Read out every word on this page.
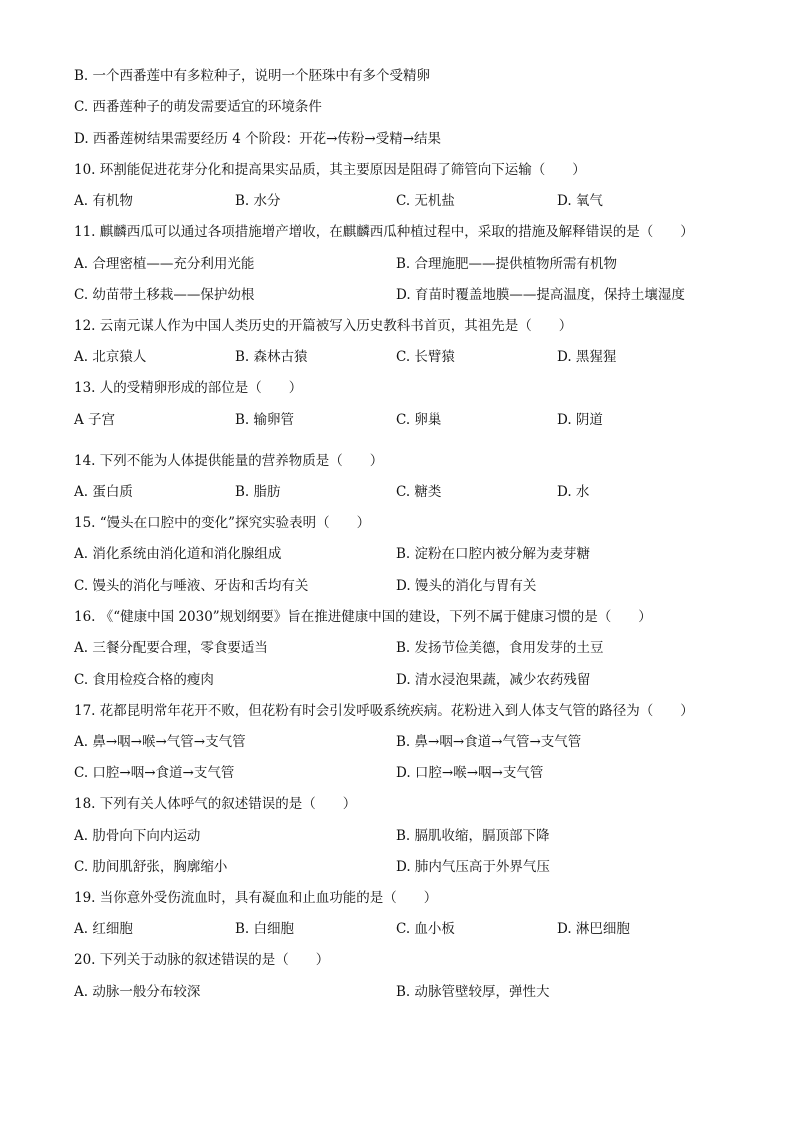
B. 一个西番莲中有多粒种子，说明一个胚珠中有多个受精卵
C. 西番莲种子的萌发需要适宜的环境条件
D. 西番莲树结果需要经历 4 个阶段：开花→传粉→受精→结果
10. 环割能促进花芽分化和提高果实品质，其主要原因是阻碍了筛管向下运输（　　）
A. 有机物	B. 水分	C. 无机盐	D. 氧气
11. 麒麟西瓜可以通过各项措施增产增收，在麒麟西瓜种植过程中，采取的措施及解释错误的是（　　）
A. 合理密植——充分利用光能	B. 合理施肥——提供植物所需有机物
C. 幼苗带土移栽——保护幼根	D. 育苗时覆盖地膜——提高温度，保持土壤湿度
12. 云南元谋人作为中国人类历史的开篇被写入历史教科书首页，其祖先是（　　）
A. 北京猿人	B. 森林古猿	C. 长臂猿	D. 黑猩猩
13. 人的受精卵形成的部位是（　　）
A 子宫	B. 输卵管	C. 卵巢	D. 阴道
14. 下列不能为人体提供能量的营养物质是（　　）
A. 蛋白质	B. 脂肪	C. 糖类	D. 水
15. “馒头在口腔中的变化”探究实验表明（　　）
A. 消化系统由消化道和消化腺组成	B. 淀粉在口腔内被分解为麦芽糖
C. 馒头的消化与唾液、牙齿和舌均有关	D. 馒头的消化与胃有关
16. 《“健康中国 2030”规划纲要》旨在推进健康中国的建设，下列不属于健康习惯的是（　　）
A. 三餐分配要合理，零食要适当	B. 发扬节俭美德，食用发芽的土豆
C. 食用检疫合格的瘦肉	D. 清水浸泡果蔬，减少农药残留
17. 花都昆明常年花开不败，但花粉有时会引发呼吸系统疾病。花粉进入到人体支气管的路径为（　　）
A. 鼻→咽→喉→气管→支气管	B. 鼻→咽→食道→气管→支气管
C. 口腔→咽→食道→支气管	D. 口腔→喉→咽→支气管
18. 下列有关人体呼气的叙述错误的是（　　）
A. 肋骨向下向内运动	B. 膈肌收缩，膈顶部下降
C. 肋间肌舒张，胸廓缩小	D. 肺内气压高于外界气压
19. 当你意外受伤流血时，具有凝血和止血功能的是（　　）
A. 红细胞	B. 白细胞	C. 血小板	D. 淋巴细胞
20. 下列关于动脉的叙述错误的是（　　）
A. 动脉一般分布较深	B. 动脉管壁较厚，弹性大
